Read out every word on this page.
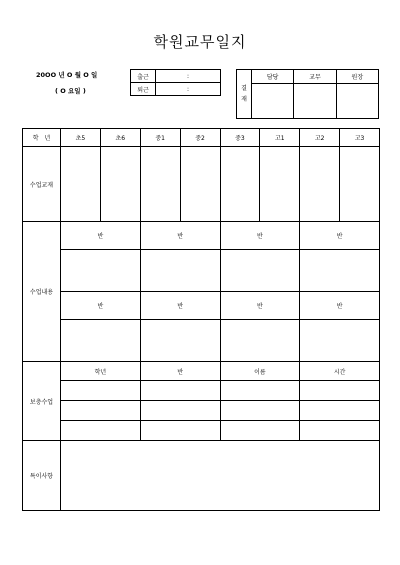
학원교무일지
20OO 년 O 월 O 일
( O 요일 )
출근	:
퇴근	:	결재	담당	교무	원장

학　년	초5	초6	중1	중2	중3	고1	고2	고3
수업교재								
수업내용	반		반		반		반	

	반		반		반		반	

보충수업	학년		반		이름		시간	

특이사항								
